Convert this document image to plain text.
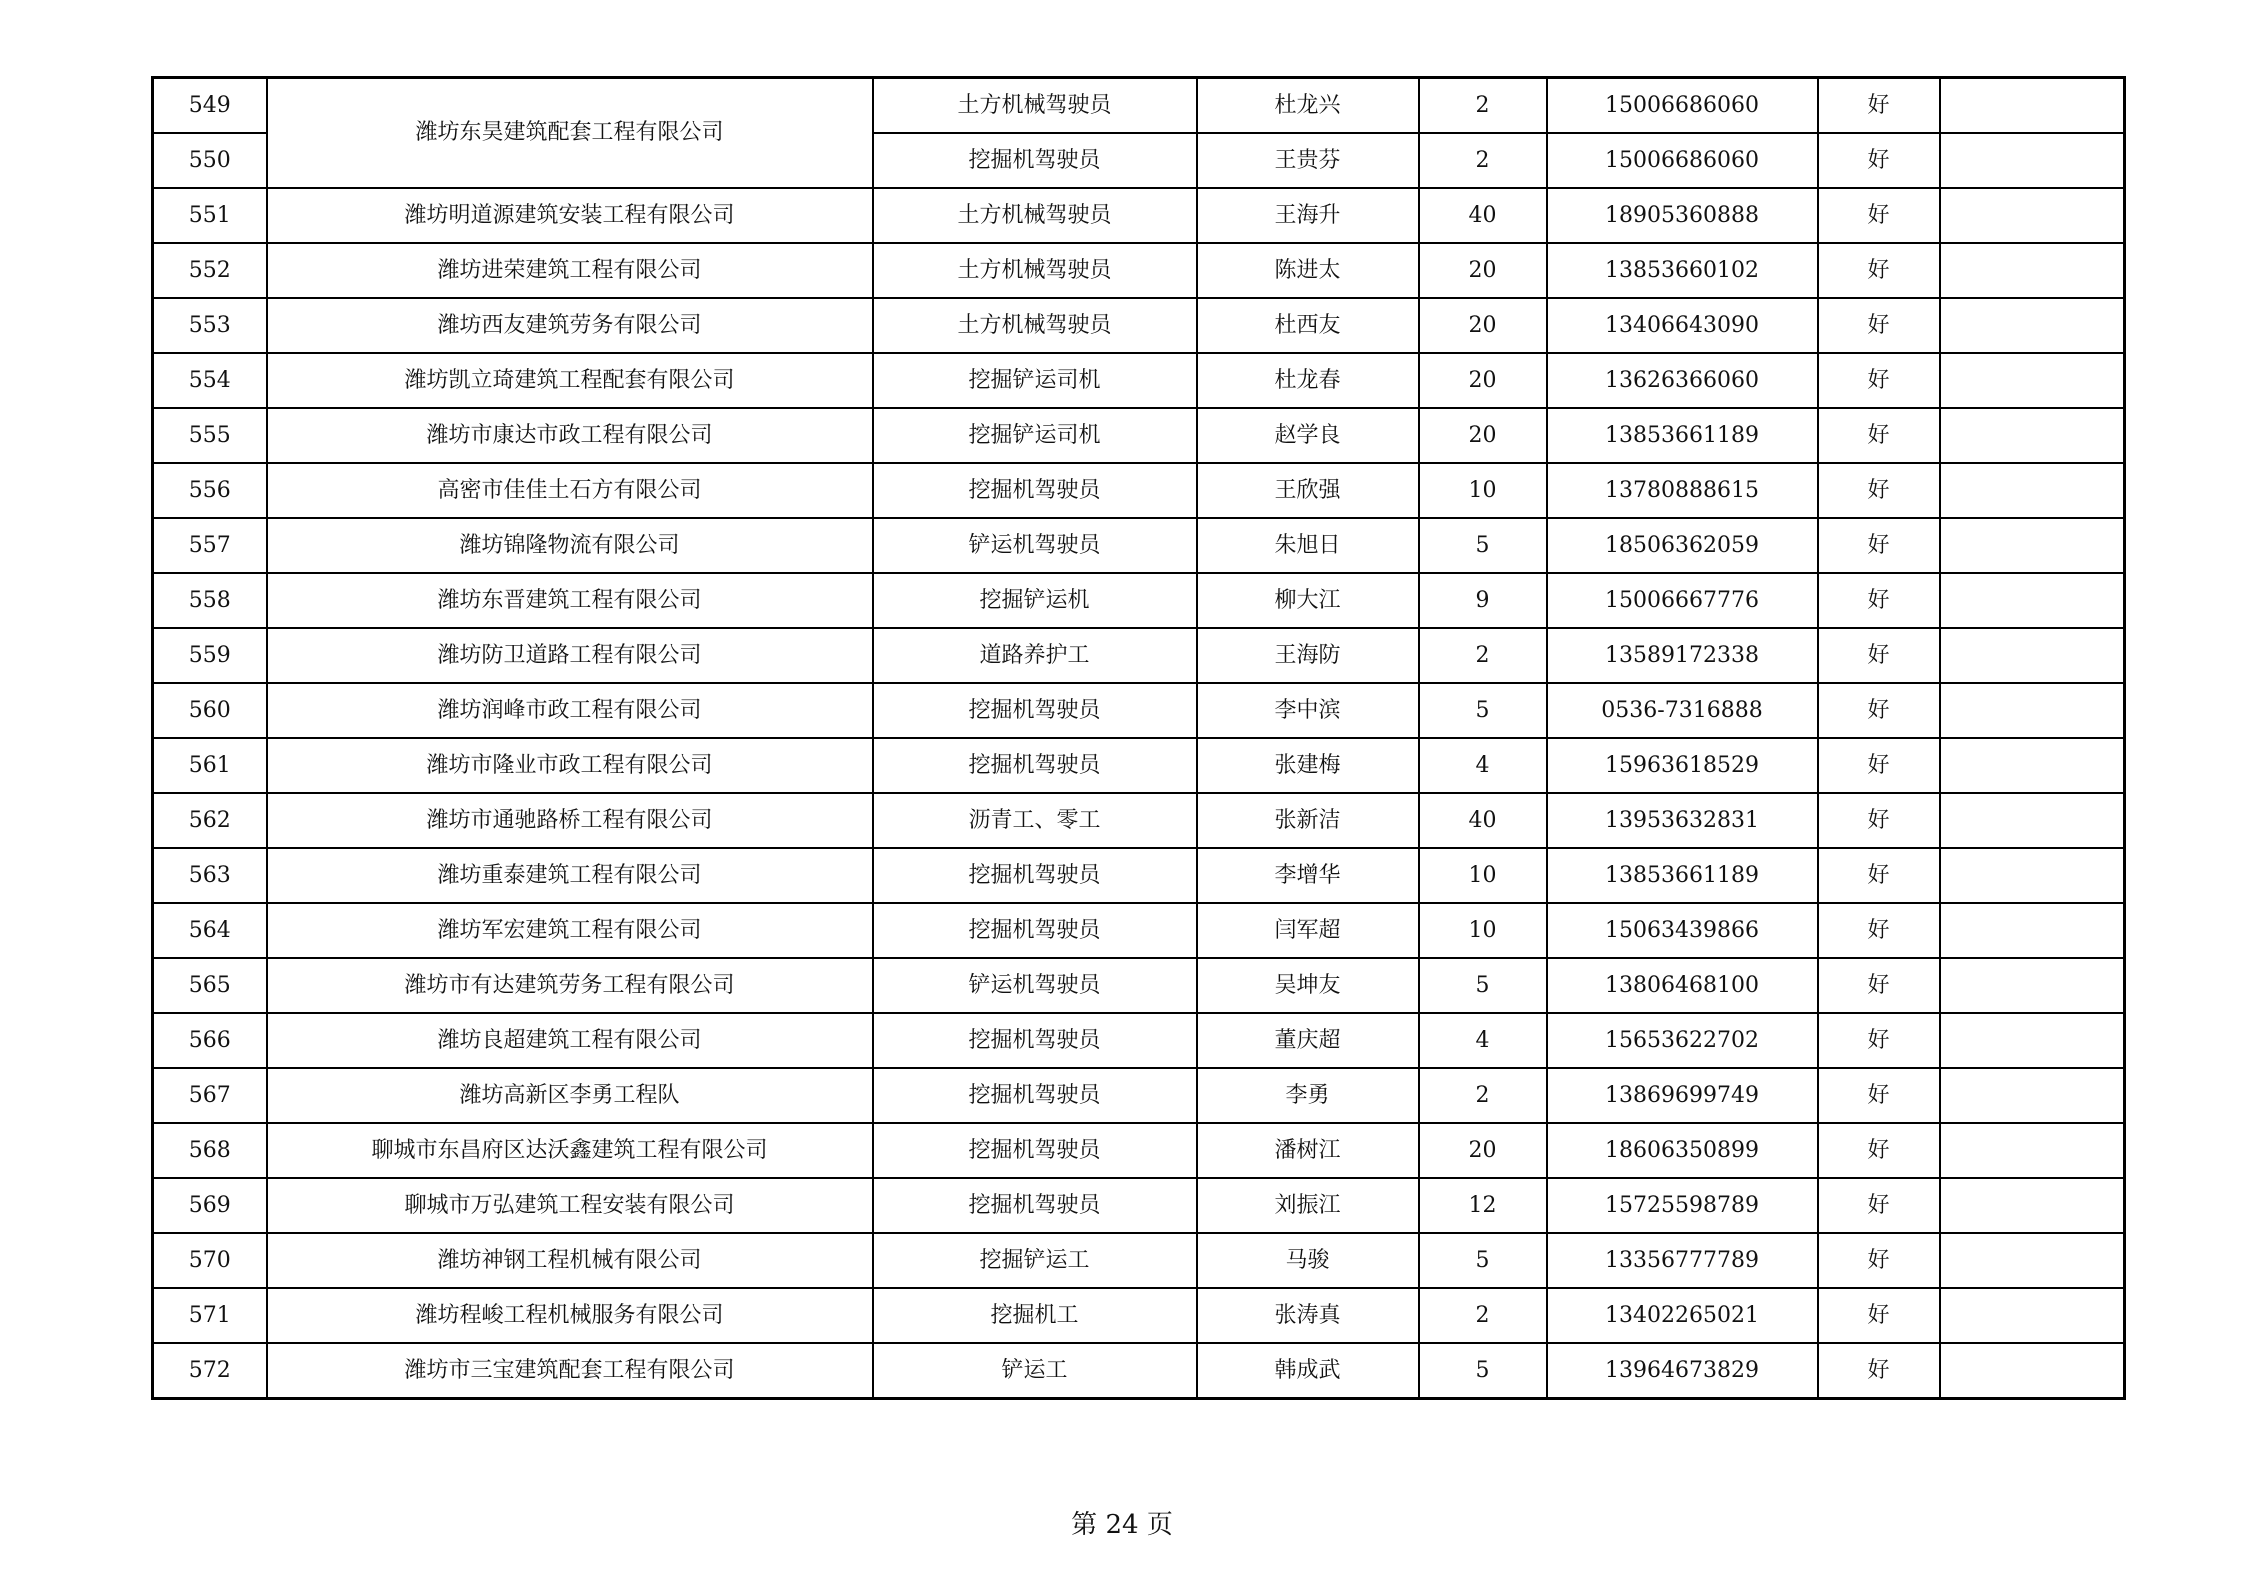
549	潍坊东昊建筑配套工程有限公司	土方机械驾驶员	杜龙兴	2	15006686060	好	
550		挖掘机驾驶员	王贵芬	2	15006686060	好	
551	潍坊明道源建筑安装工程有限公司	土方机械驾驶员	王海升	40	18905360888	好	
552	潍坊进荣建筑工程有限公司	土方机械驾驶员	陈进太	20	13853660102	好	
553	潍坊西友建筑劳务有限公司	土方机械驾驶员	杜西友	20	13406643090	好	
554	潍坊凯立琦建筑工程配套有限公司	挖掘铲运司机	杜龙春	20	13626366060	好	
555	潍坊市康达市政工程有限公司	挖掘铲运司机	赵学良	20	13853661189	好	
556	高密市佳佳土石方有限公司	挖掘机驾驶员	王欣强	10	13780888615	好	
557	潍坊锦隆物流有限公司	铲运机驾驶员	朱旭日	5	18506362059	好	
558	潍坊东晋建筑工程有限公司	挖掘铲运机	柳大江	9	15006667776	好	
559	潍坊防卫道路工程有限公司	道路养护工	王海防	2	13589172338	好	
560	潍坊润峰市政工程有限公司	挖掘机驾驶员	李中滨	5	0536-7316888	好	
561	潍坊市隆业市政工程有限公司	挖掘机驾驶员	张建梅	4	15963618529	好	
562	潍坊市通驰路桥工程有限公司	沥青工、零工	张新洁	40	13953632831	好	
563	潍坊重泰建筑工程有限公司	挖掘机驾驶员	李增华	10	13853661189	好	
564	潍坊军宏建筑工程有限公司	挖掘机驾驶员	闫军超	10	15063439866	好	
565	潍坊市有达建筑劳务工程有限公司	铲运机驾驶员	吴坤友	5	13806468100	好	
566	潍坊良超建筑工程有限公司	挖掘机驾驶员	董庆超	4	15653622702	好	
567	潍坊高新区李勇工程队	挖掘机驾驶员	李勇	2	13869699749	好	
568	聊城市东昌府区达沃鑫建筑工程有限公司	挖掘机驾驶员	潘树江	20	18606350899	好	
569	聊城市万弘建筑工程安装有限公司	挖掘机驾驶员	刘振江	12	15725598789	好	
570	潍坊神钢工程机械有限公司	挖掘铲运工	马骏	5	13356777789	好	
571	潍坊程峻工程机械服务有限公司	挖掘机工	张涛真	2	13402265021	好	
572	潍坊市三宝建筑配套工程有限公司	铲运工	韩成武	5	13964673829	好	
第 24 页
